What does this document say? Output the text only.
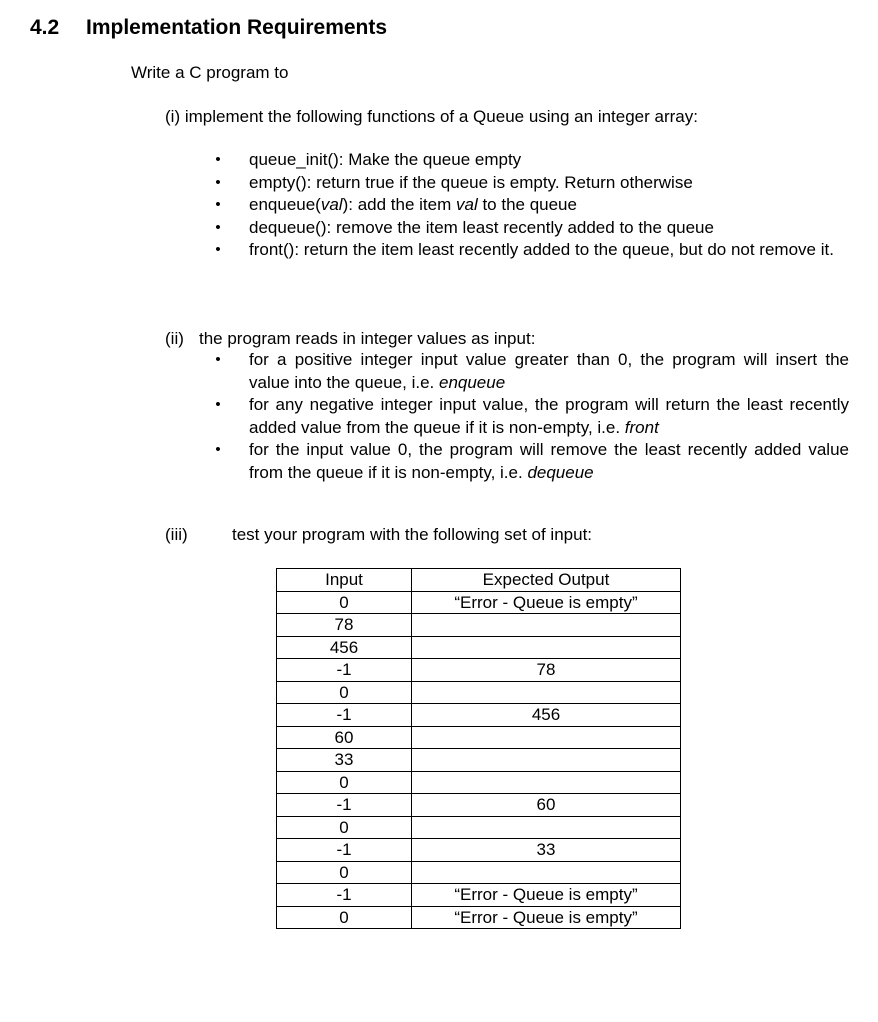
4.2 Implementation Requirements
Write a C program to
(i) implement the following functions of a Queue using an integer array:
• queue_init(): Make the queue empty
• empty(): return true if the queue is empty. Return otherwise
• enqueue(val): add the item val to the queue
• dequeue(): remove the item least recently added to the queue
• front(): return the item least recently added to the queue, but do not remove it.
(ii) the program reads in integer values as input:
• for a positive integer input value greater than 0, the program will insert the value into the queue, i.e. enqueue
• for any negative integer input value, the program will return the least recently added value from the queue if it is non-empty, i.e. front
• for the input value 0, the program will remove the least recently added value from the queue if it is non-empty, i.e. dequeue
(iii)	test your program with the following set of input:
Input	Expected Output
0	“Error - Queue is empty”
78	
456	
-1	78
0	
-1	456
60	
33	
0	
-1	60
0	
-1	33
0	
-1	“Error - Queue is empty”
0	“Error - Queue is empty”
